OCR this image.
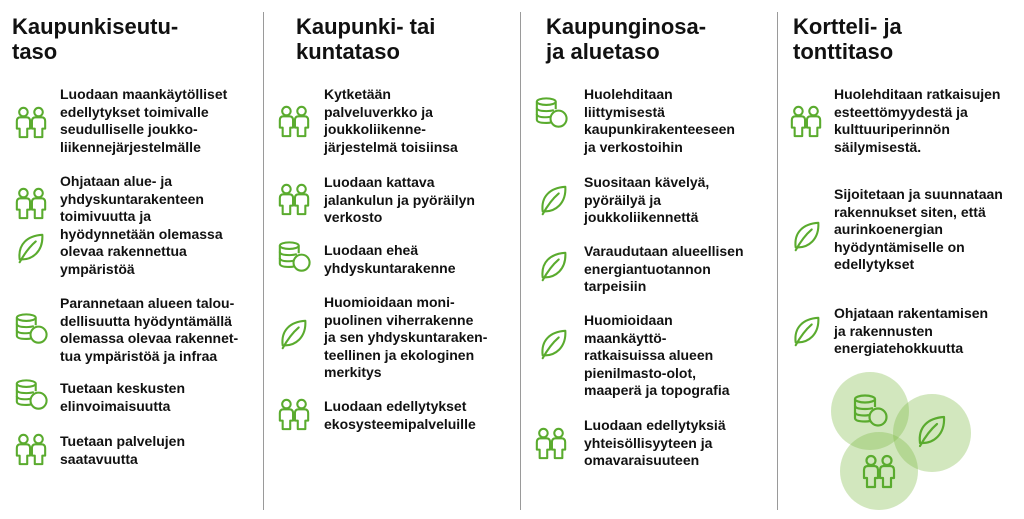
Kaupunkiseutu-
taso
Luodaan maankäytölliset
edellytykset toimivalle
seudulliselle joukko-
liikennejärjestelmälle
Ohjataan alue- ja
yhdyskuntarakenteen
toimivuutta ja
hyödynnetään olemassa
olevaa rakennettua
ympäristöä
Parannetaan alueen talou-
dellisuutta hyödyntämällä
olemassa olevaa rakennet-
tua ympäristöä ja infraa
Tuetaan keskusten
elinvoimaisuutta
Tuetaan palvelujen
saatavuutta
Kaupunki- tai
kuntataso
Kytketään
palveluverkko ja
joukkoliikenne-
järjestelmä toisiinsa
Luodaan kattava
jalankulun ja pyöräilyn
verkosto
Luodaan eheä
yhdyskuntarakenne
Huomioidaan moni-
puolinen viherrakenne
ja sen yhdyskuntaraken-
teellinen ja ekologinen
merkitys
Luodaan edellytykset
ekosysteemipalveluille
Kaupunginosa-
ja aluetaso
Huolehditaan
liittymisestä
kaupunkirakenteeseen
ja verkostoihin
Suositaan kävelyä,
pyöräilyä ja
joukkoliikennettä
Varaudutaan alueellisen
energiantuotannon
tarpeisiin
Huomioidaan
maankäyttö-
ratkaisuissa alueen
pienilmasto-olot,
maaperä ja topografia
Luodaan edellytyksiä
yhteisöllisyyteen ja
omavaraisuuteen
Kortteli- ja
tonttitaso
Huolehditaan ratkaisujen
esteettömyydestä ja
kulttuuriperinnön
säilymisestä.
Sijoitetaan ja suunnataan
rakennukset siten, että
aurinkoenergian
hyödyntämiselle on
edellytykset
Ohjataan rakentamisen
ja rakennusten
energiatehokkuutta
